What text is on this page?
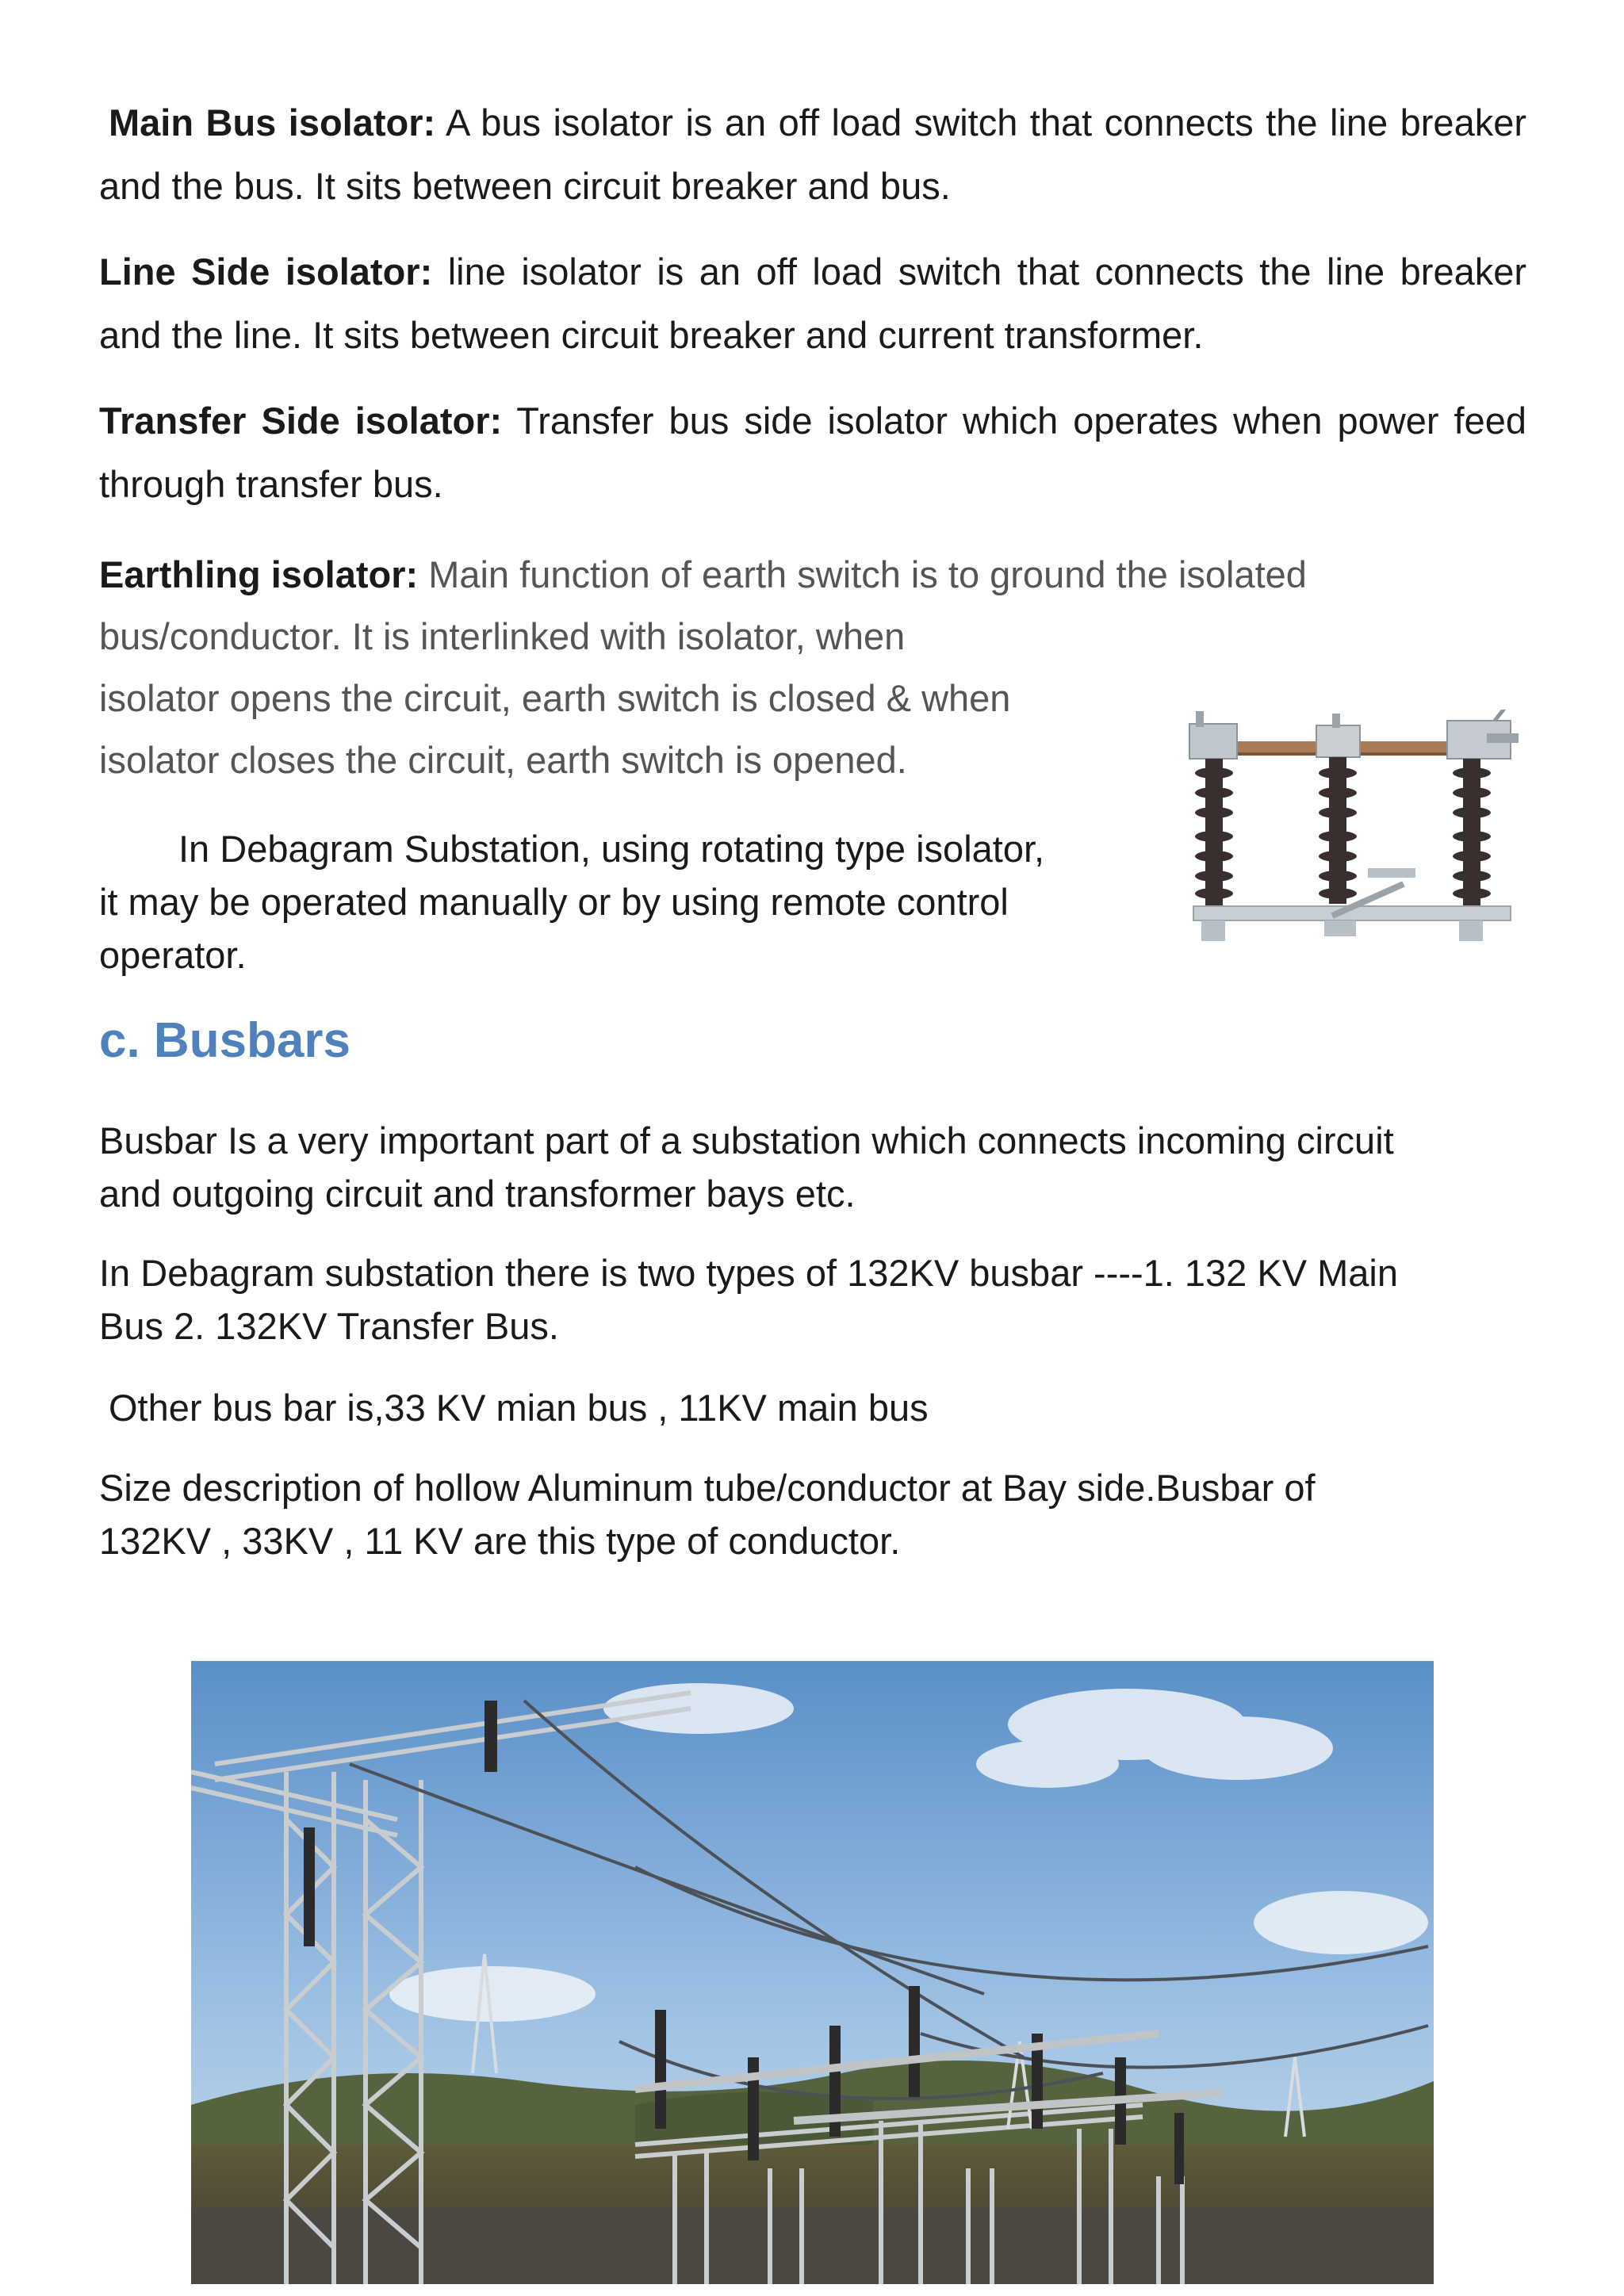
Main Bus isolator: A bus isolator is an off load switch that connects the line breaker and the bus. It sits between circuit breaker and bus.
Line Side isolator: line isolator is an off load switch that connects the line breaker and the line. It sits between circuit breaker and current transformer.
Transfer Side isolator: Transfer bus side isolator which operates when power feed through transfer bus.
Earthling isolator: Main function of earth switch is to ground the isolated
bus/conductor. It is interlinked with isolator, when
isolator opens the circuit, earth switch is closed & when
isolator closes the circuit, earth switch is opened.
In Debagram Substation, using rotating type isolator,
it may be operated manually or by using remote control
operator.
c. Busbars
Busbar Is a very important part of a substation which connects incoming circuit
and outgoing circuit and transformer bays etc.
In Debagram substation there is two types of 132KV busbar ----1. 132 KV Main
Bus 2. 132KV Transfer Bus.
Other bus bar is,33 KV mian bus , 11KV main bus
Size description of hollow Aluminum tube/conductor at Bay side.Busbar of
132KV , 33KV , 11 KV are this type of conductor.
